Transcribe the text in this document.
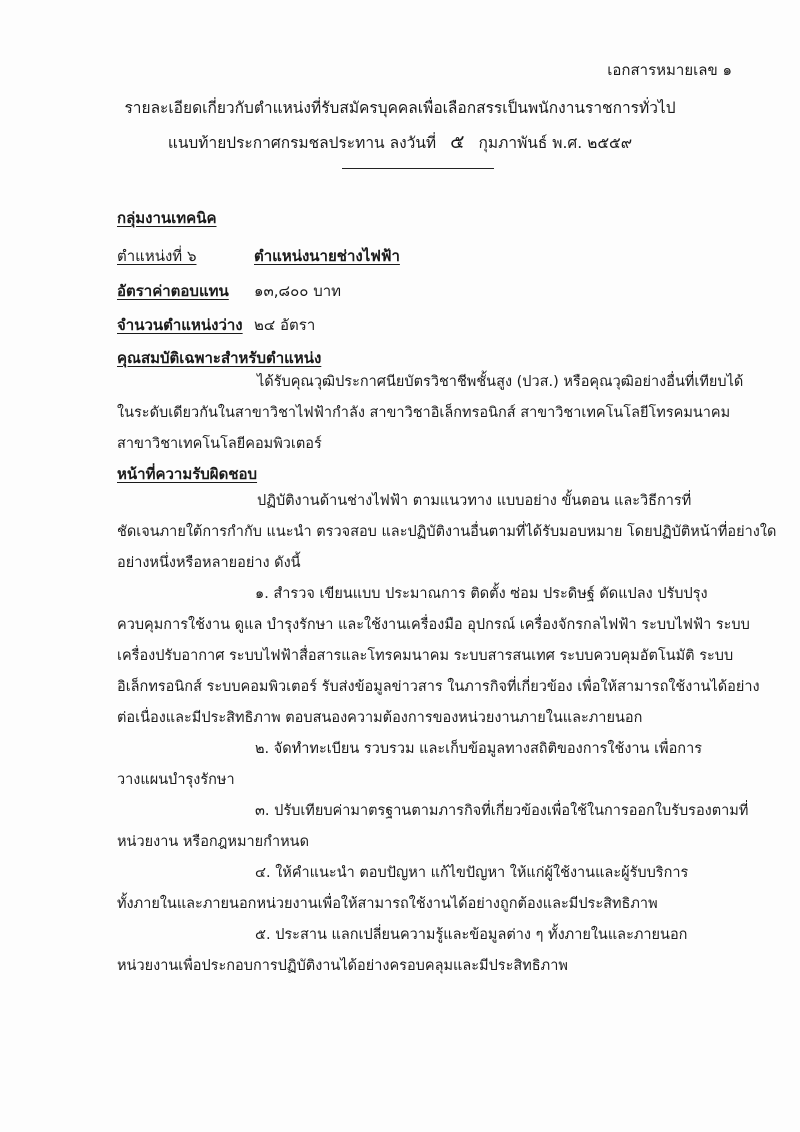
เอกสารหมายเลข ๑
รายละเอียดเกี่ยวกับตำแหน่งที่รับสมัครบุคคลเพื่อเลือกสรรเป็นพนักงานราชการทั่วไป
แนบท้ายประกาศกรมชลประทาน ลงวันที่ ๕ กุมภาพันธ์ พ.ศ. ๒๕๕๙
กลุ่มงานเทคนิค
ตำแหน่งที่ ๖	ตำแหน่งนายช่างไฟฟ้า
อัตราค่าตอบแทน ๑๓,๘๐๐ บาท
จำนวนตำแหน่งว่าง ๒๔ อัตรา
คุณสมบัติเฉพาะสำหรับตำแหน่ง
ได้รับคุณวุฒิประกาศนียบัตรวิชาชีพชั้นสูง (ปวส.) หรือคุณวุฒิอย่างอื่นที่เทียบได้
ในระดับเดียวกันในสาขาวิชาไฟฟ้ากำลัง สาขาวิชาอิเล็กทรอนิกส์ สาขาวิชาเทคโนโลยีโทรคมนาคม
สาขาวิชาเทคโนโลยีคอมพิวเตอร์
หน้าที่ความรับผิดชอบ
ปฏิบัติงานด้านช่างไฟฟ้า ตามแนวทาง แบบอย่าง ขั้นตอน และวิธีการที่
ชัดเจนภายใต้การกำกับ แนะนำ ตรวจสอบ และปฏิบัติงานอื่นตามที่ได้รับมอบหมาย โดยปฏิบัติหน้าที่อย่างใด
อย่างหนึ่งหรือหลายอย่าง ดังนี้
๑. สำรวจ เขียนแบบ ประมาณการ ติดตั้ง ซ่อม ประดิษฐ์ ดัดแปลง ปรับปรุง
ควบคุมการใช้งาน ดูแล บำรุงรักษา และใช้งานเครื่องมือ อุปกรณ์ เครื่องจักรกลไฟฟ้า ระบบไฟฟ้า ระบบ
เครื่องปรับอากาศ ระบบไฟฟ้าสื่อสารและโทรคมนาคม ระบบสารสนเทศ ระบบควบคุมอัตโนมัติ ระบบ
อิเล็กทรอนิกส์ ระบบคอมพิวเตอร์ รับส่งข้อมูลข่าวสาร ในภารกิจที่เกี่ยวข้อง เพื่อให้สามารถใช้งานได้อย่าง
ต่อเนื่องและมีประสิทธิภาพ ตอบสนองความต้องการของหน่วยงานภายในและภายนอก
๒. จัดทำทะเบียน รวบรวม และเก็บข้อมูลทางสถิติของการใช้งาน เพื่อการ
วางแผนบำรุงรักษา
๓. ปรับเทียบค่ามาตรฐานตามภารกิจที่เกี่ยวข้องเพื่อใช้ในการออกใบรับรองตามที่
หน่วยงาน หรือกฎหมายกำหนด
๔. ให้คำแนะนำ ตอบปัญหา แก้ไขปัญหา ให้แก่ผู้ใช้งานและผู้รับบริการ
ทั้งภายในและภายนอกหน่วยงานเพื่อให้สามารถใช้งานได้อย่างถูกต้องและมีประสิทธิภาพ
๕. ประสาน แลกเปลี่ยนความรู้และข้อมูลต่าง ๆ ทั้งภายในและภายนอก
หน่วยงานเพื่อประกอบการปฏิบัติงานได้อย่างครอบคลุมและมีประสิทธิภาพ
